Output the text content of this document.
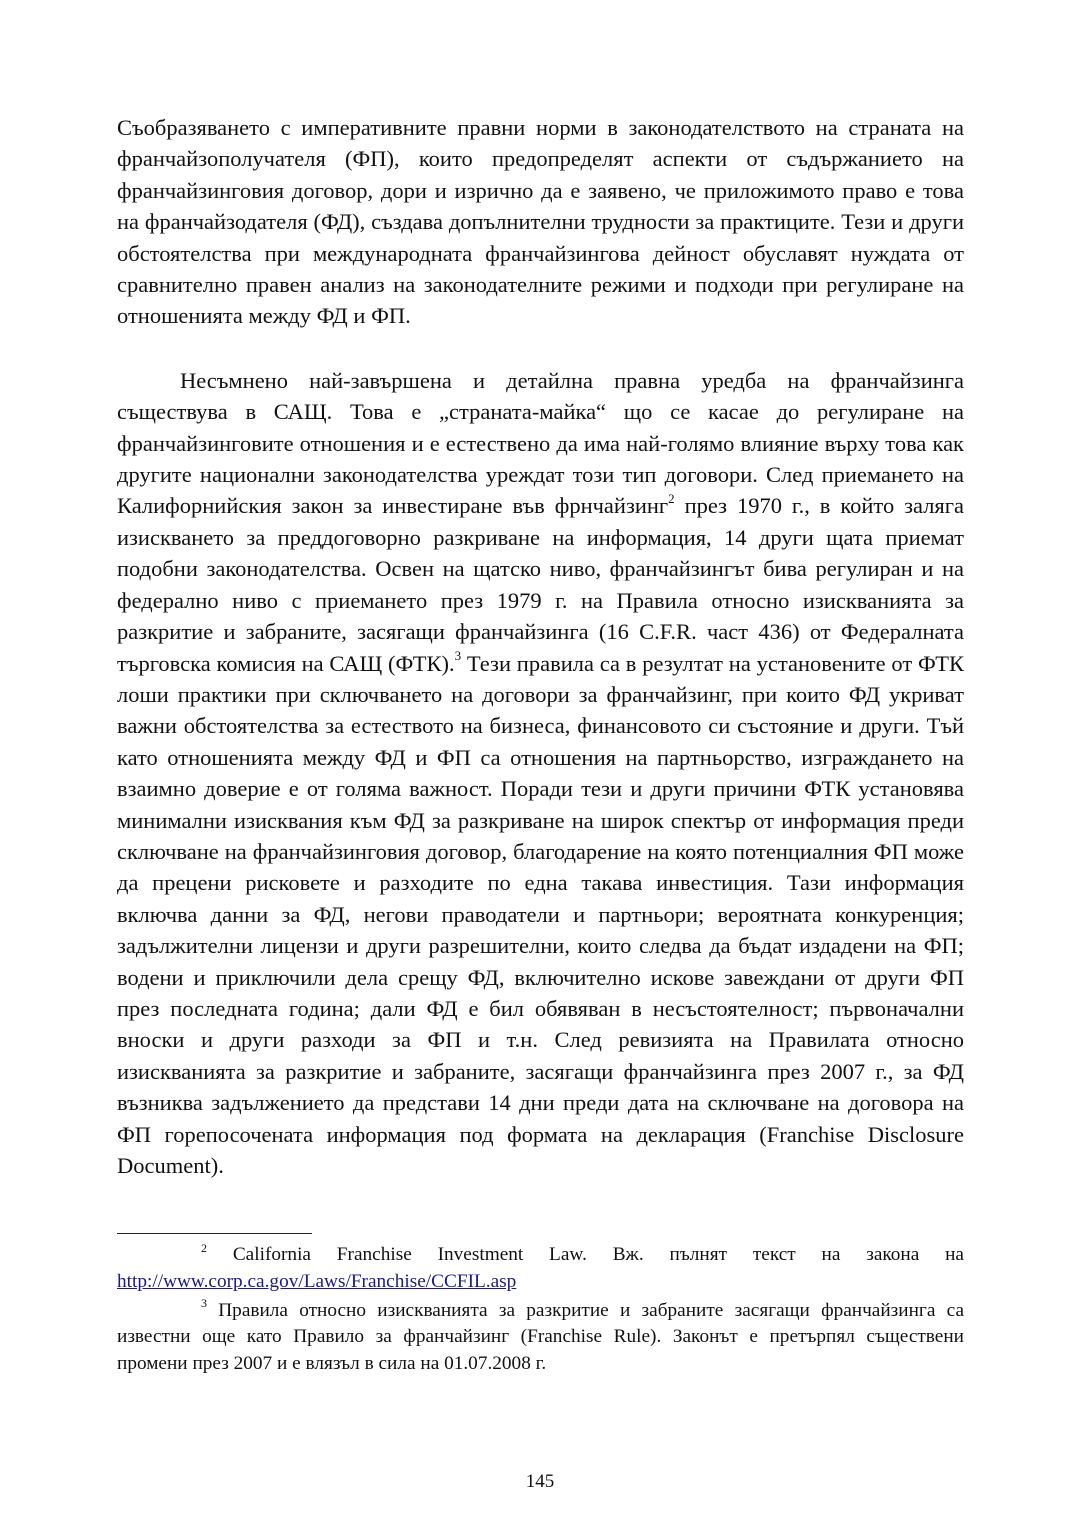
Съобразяването с императивните правни норми в законодателството на страната на франчайзополучателя (ФП), които предопределят аспекти от съдържанието на франчайзинговия договор, дори и изрично да е заявено, че приложимото право е това на франчайзодателя (ФД), създава допълнителни трудности за практиците. Тези и други обстоятелства при международната франчайзингова дейност обуславят нуждата от сравнително правен анализ на законодателните режими и подходи при регулиране на отношенията между ФД и ФП.

Несъмнено най-завършена и детайлна правна уредба на франчайзинга съществува в САЩ. Това е „страната-майка“ що се касае до регулиране на франчайзинговите отношения и е естествено да има най-голямо влияние върху това как другите национални законодателства уреждат този тип договори. След приемането на Калифорнийския закон за инвестиране във фрнчайзинг$^2$ през 1970 г., в който заляга изискването за преддоговорно разкриване на информация, 14 други щата приемат подобни законодателства. Освен на щатско ниво, франчайзингът бива регулиран и на федерално ниво с приемането през 1979 г. на Правила относно изискванията за разкритие и забраните, засягащи франчайзинга (16 C.F.R. част 436) от Федералната търговска комисия на САЩ (ФТК).$^3$ Тези правила са в резултат на установените от ФТК лоши практики при сключването на договори за франчайзинг, при които ФД укриват важни обстоятелства за естеството на бизнеса, финансовото си състояние и други. Тъй като отношенията между ФД и ФП са отношения на партньорство, изграждането на взаимно доверие е от голяма важност. Поради тези и други причини ФТК установява минимални изисквания към ФД за разкриване на широк спектър от информация преди сключване на франчайзинговия договор, благодарение на която потенциалния ФП може да прецени рисковете и разходите по една такава инвестиция. Тази информация включва данни за ФД, негови праводатели и партньори; вероятната конкуренция; задължителни лицензи и други разрешителни, които следва да бъдат издадени на ФП; водени и приключили дела срещу ФД, включително искове завеждани от други ФП през последната година; дали ФД е бил обявяван в несъстоятелност; първоначални вноски и други разходи за ФП и т.н. След ревизията на Правилата относно изискванията за разкритие и забраните, засягащи франчайзинга през 2007 г., за ФД възниква задължението да представи 14 дни преди дата на сключване на договора на ФП горепосочената информация под формата на декларация (Franchise Disclosure Document).

$^2$ California Franchise Investment Law. Вж. пълнят текст на закона на http://www.corp.ca.gov/Laws/Franchise/CCFIL.asp

$^3$ Правила относно изискванията за разкритие и забраните засягащи франчайзинга са известни още като Правило за франчайзинг (Franchise Rule). Законът е претърпял съществени промени през 2007 и е влязъл в сила на 01.07.2008 г.

145
